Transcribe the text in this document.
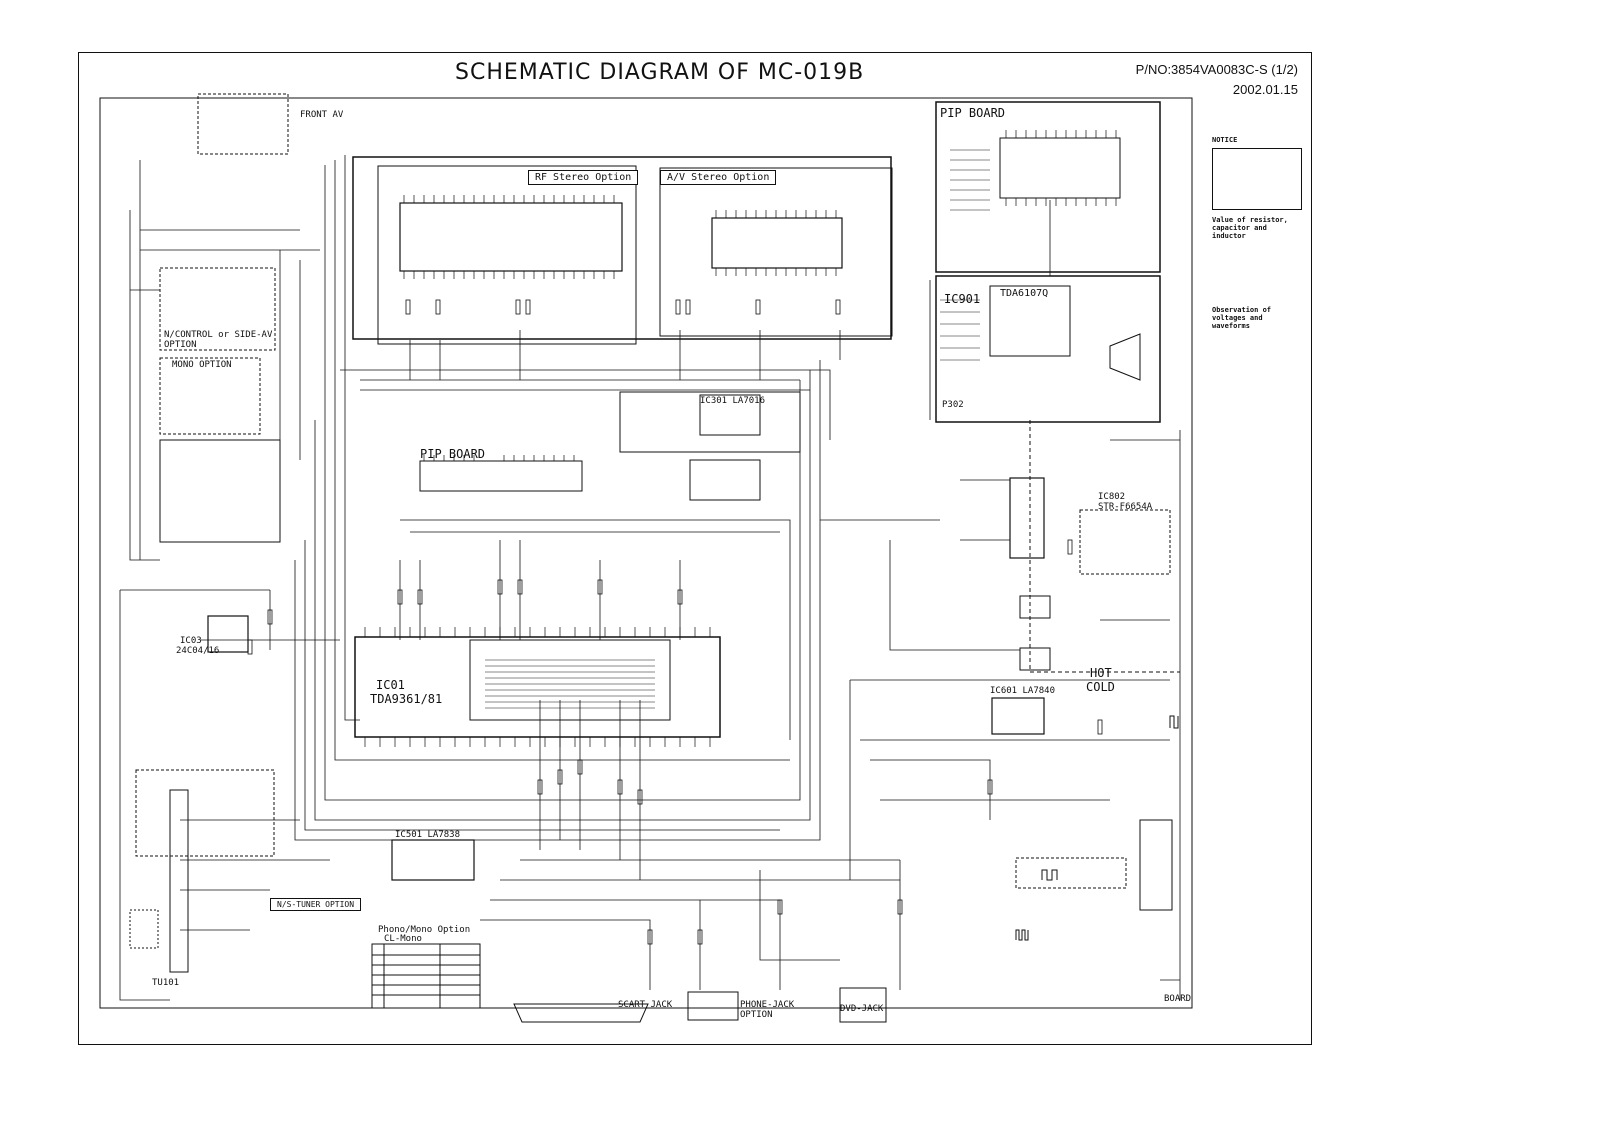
SCHEMATIC DIAGRAM OF MC-019B	P/NO:3854VA0083C-S (1/2)
2002.01.15
RF Stereo Option	A/V Stereo Option
PIP BOARD
IC901 TDA6107Q
IC01
TDA9361/81
PIP BOARD
HOT
COLD
IC601 LA7840
IC301 LA7016
IC501 LA7838
IC802
STR-F6654A
IC03
24C04/16
TU101
MONO OPTION
N/CONTROL or SIDE-AV
OPTION
Phono/Mono Option
CL-Mono
SCART JACK	PHONE-JACK
OPTION
DVD-JACK
N/S-TUNER OPTION
FRONT AV
P302
BOARD
NOTICE
Value of resistor, capacitor and inductor
Observation of voltages and waveforms
